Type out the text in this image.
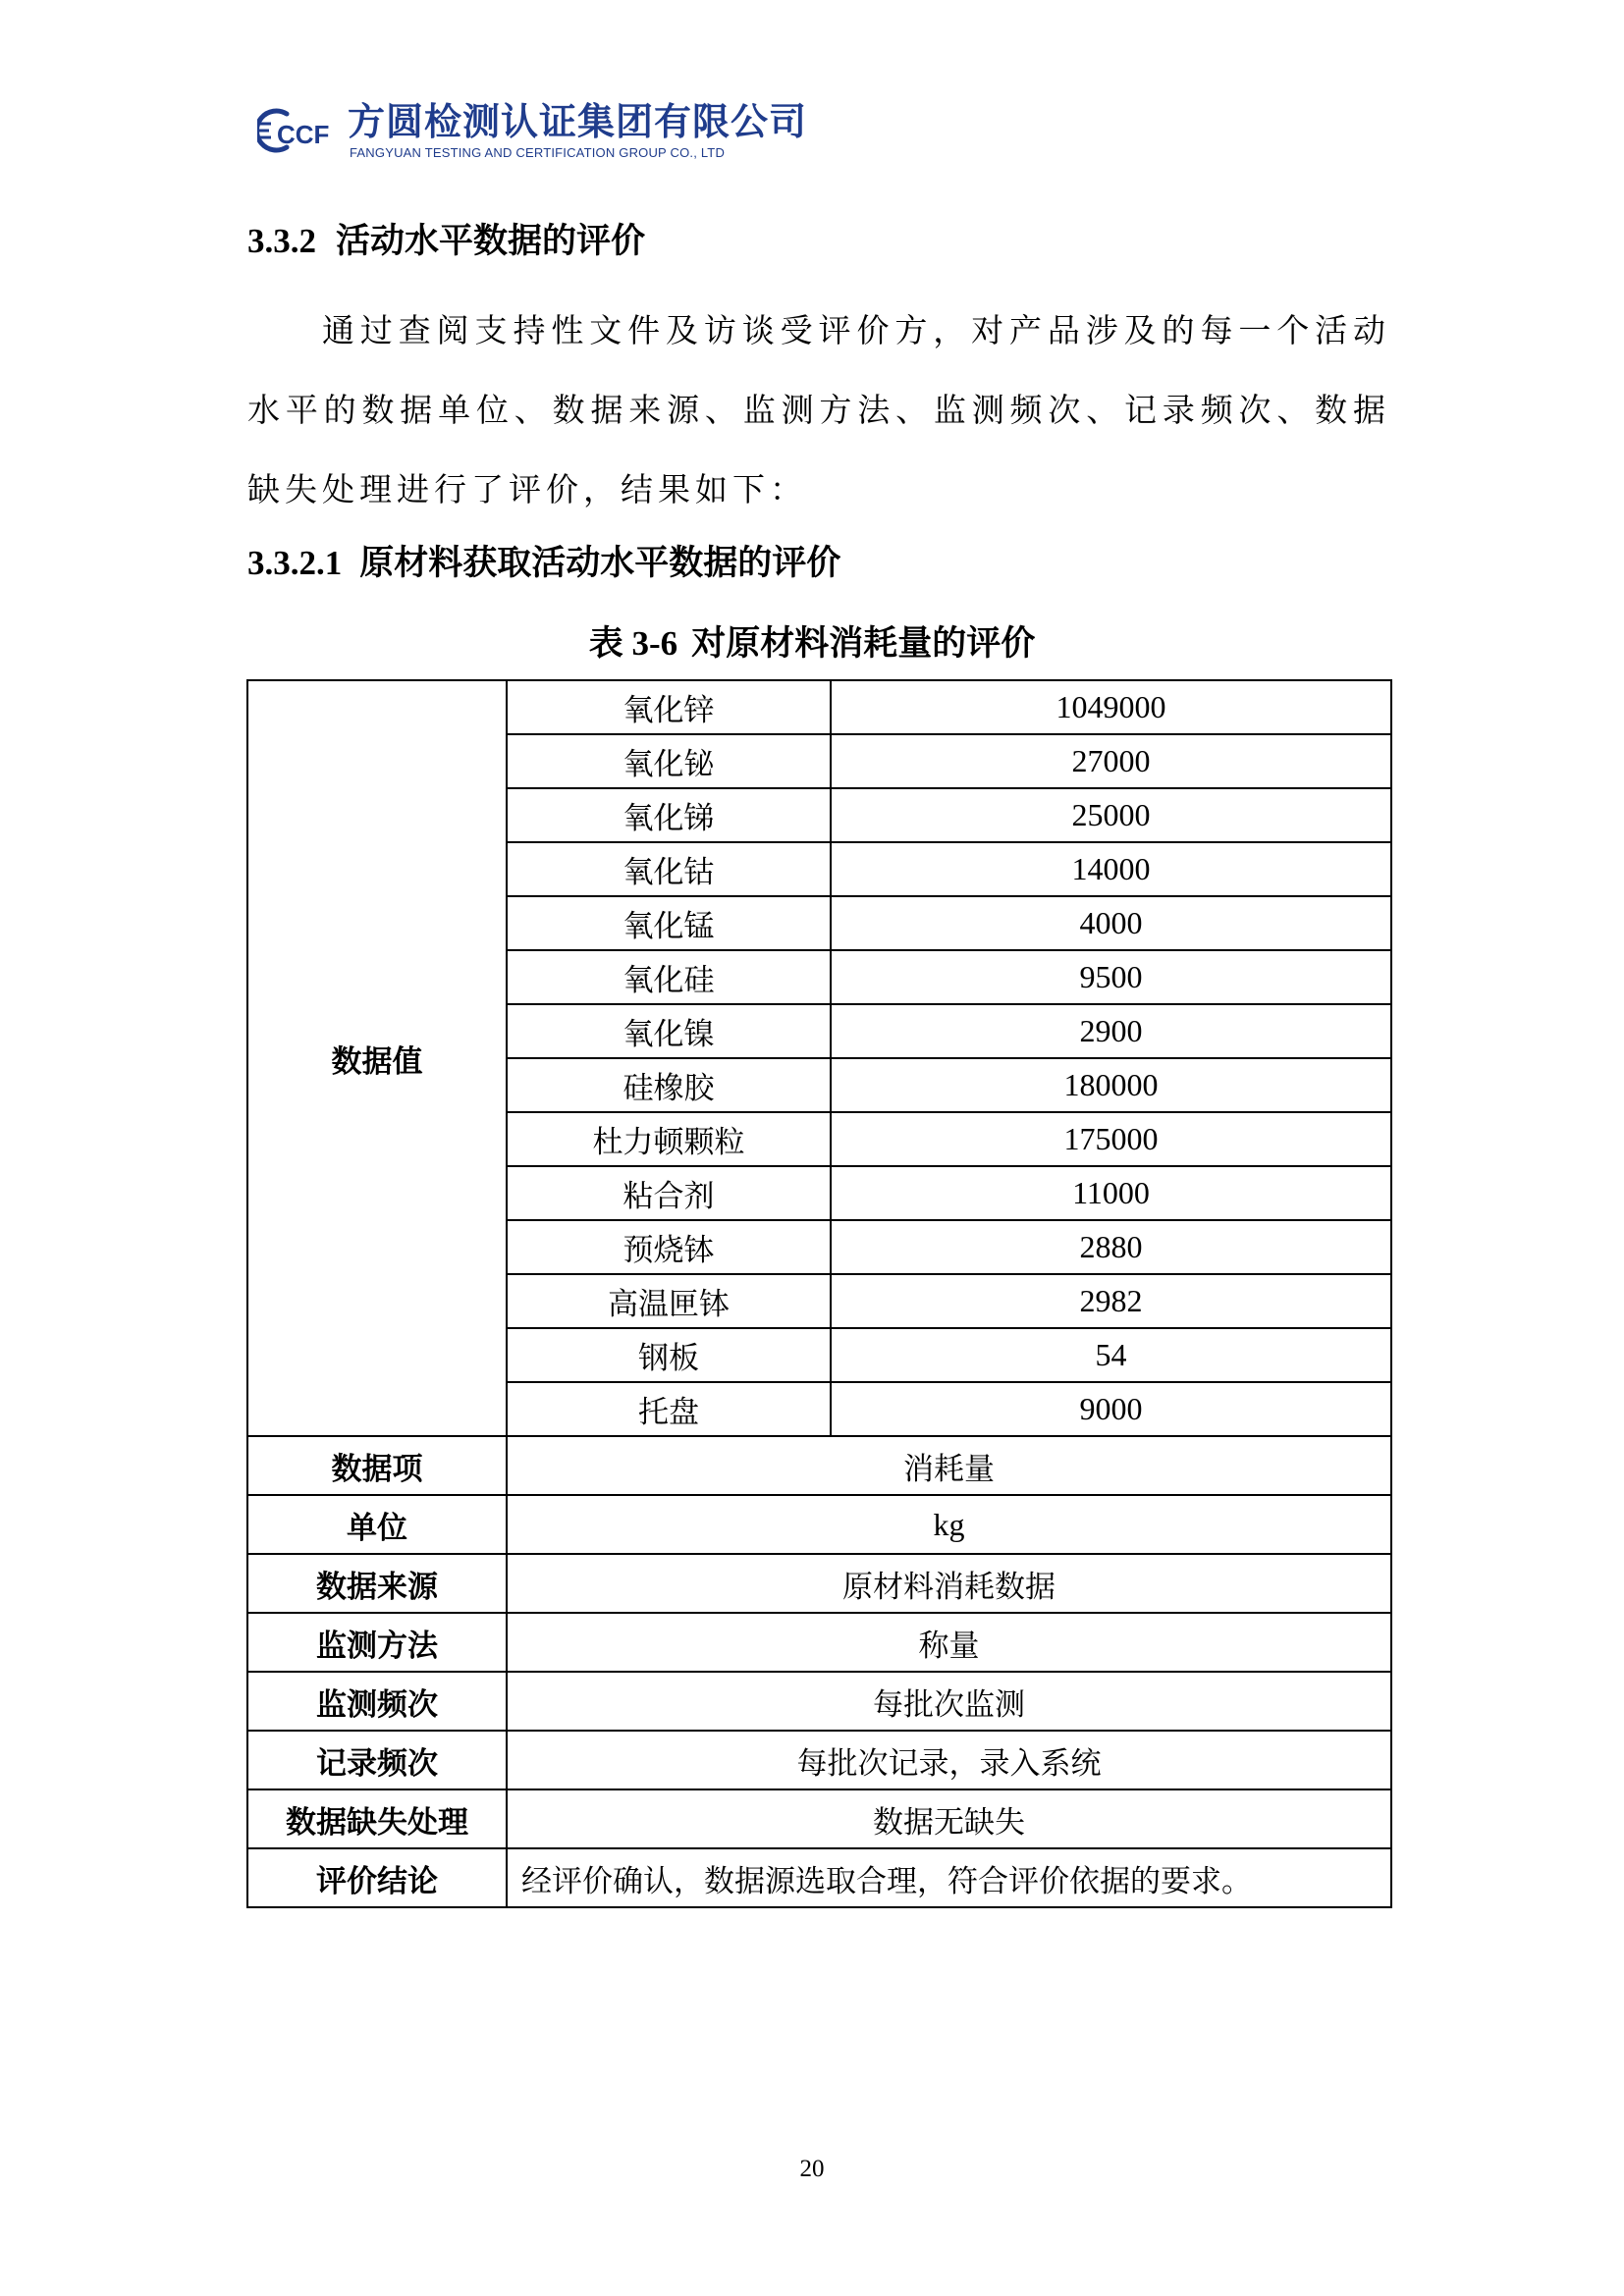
CCF 方圆检测认证集团有限公司
FANGYUAN TESTING AND CERTIFICATION GROUP CO., LTD
3.3.2 活动水平数据的评价
通过查阅支持性文件及访谈受评价方，对产品涉及的每一个活动水平的数据单位、数据来源、监测方法、监测频次、记录频次、数据缺失处理进行了评价，结果如下：
3.3.2.1 原材料获取活动水平数据的评价
表 3-6 对原材料消耗量的评价
数据值	氧化锌	1049000
	氧化铋	27000
	氧化锑	25000
	氧化钴	14000
	氧化锰	4000
	氧化硅	9500
	氧化镍	2900
	硅橡胶	180000
	杜力顿颗粒	175000
	粘合剂	11000
	预烧钵	2880
	高温匣钵	2982
	钢板	54
	托盘	9000
数据项	消耗量	
单位	kg	
数据来源	原材料消耗数据	
监测方法	称量	
监测频次	每批次监测	
记录频次	每批次记录，录入系统	
数据缺失处理	数据无缺失	
评价结论	经评价确认，数据源选取合理，符合评价依据的要求。	
20
